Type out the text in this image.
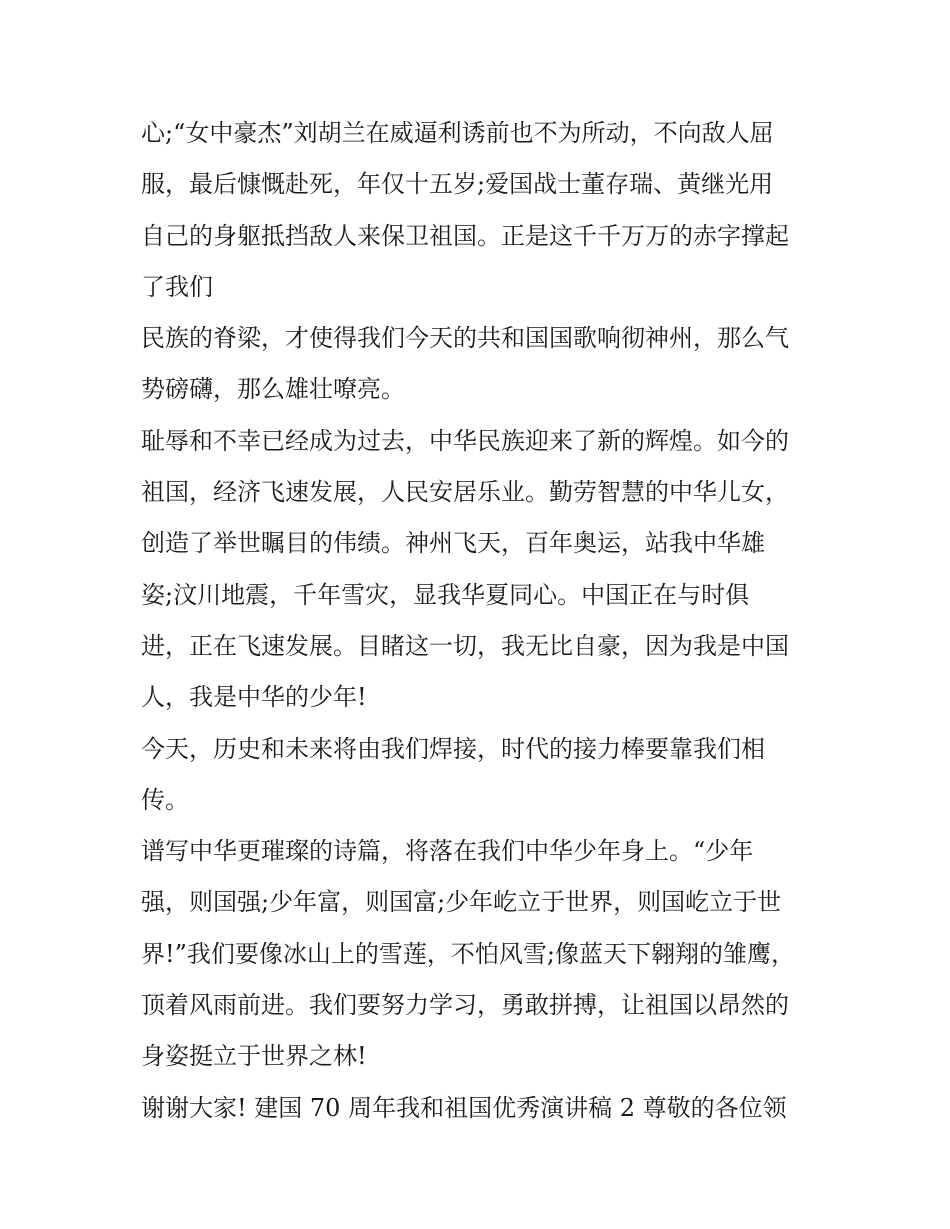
心;“女中豪杰”刘胡兰在威逼利诱前也不为所动，不向敌人屈
服，最后慷慨赴死，年仅十五岁;爱国战士董存瑞、黄继光用
自己的身躯抵挡敌人来保卫祖国。正是这千千万万的赤字撑起
了我们
民族的脊梁，才使得我们今天的共和国国歌响彻神州，那么气
势磅礴，那么雄壮嘹亮。
耻辱和不幸已经成为过去，中华民族迎来了新的辉煌。如今的
祖国，经济飞速发展，人民安居乐业。勤劳智慧的中华儿女，
创造了举世瞩目的伟绩。神州飞天，百年奥运，站我中华雄
姿;汶川地震，千年雪灾，显我华夏同心。中国正在与时俱
进，正在飞速发展。目睹这一切，我无比自豪，因为我是中国
人，我是中华的少年!
今天，历史和未来将由我们焊接，时代的接力棒要靠我们相
传。
谱写中华更璀璨的诗篇，将落在我们中华少年身上。“少年
强，则国强;少年富，则国富;少年屹立于世界，则国屹立于世
界!”我们要像冰山上的雪莲，不怕风雪;像蓝天下翱翔的雏鹰，
顶着风雨前进。我们要努力学习，勇敢拼搏，让祖国以昂然的
身姿挺立于世界之林!
谢谢大家! 建国 70 周年我和祖国优秀演讲稿 2 尊敬的各位领
